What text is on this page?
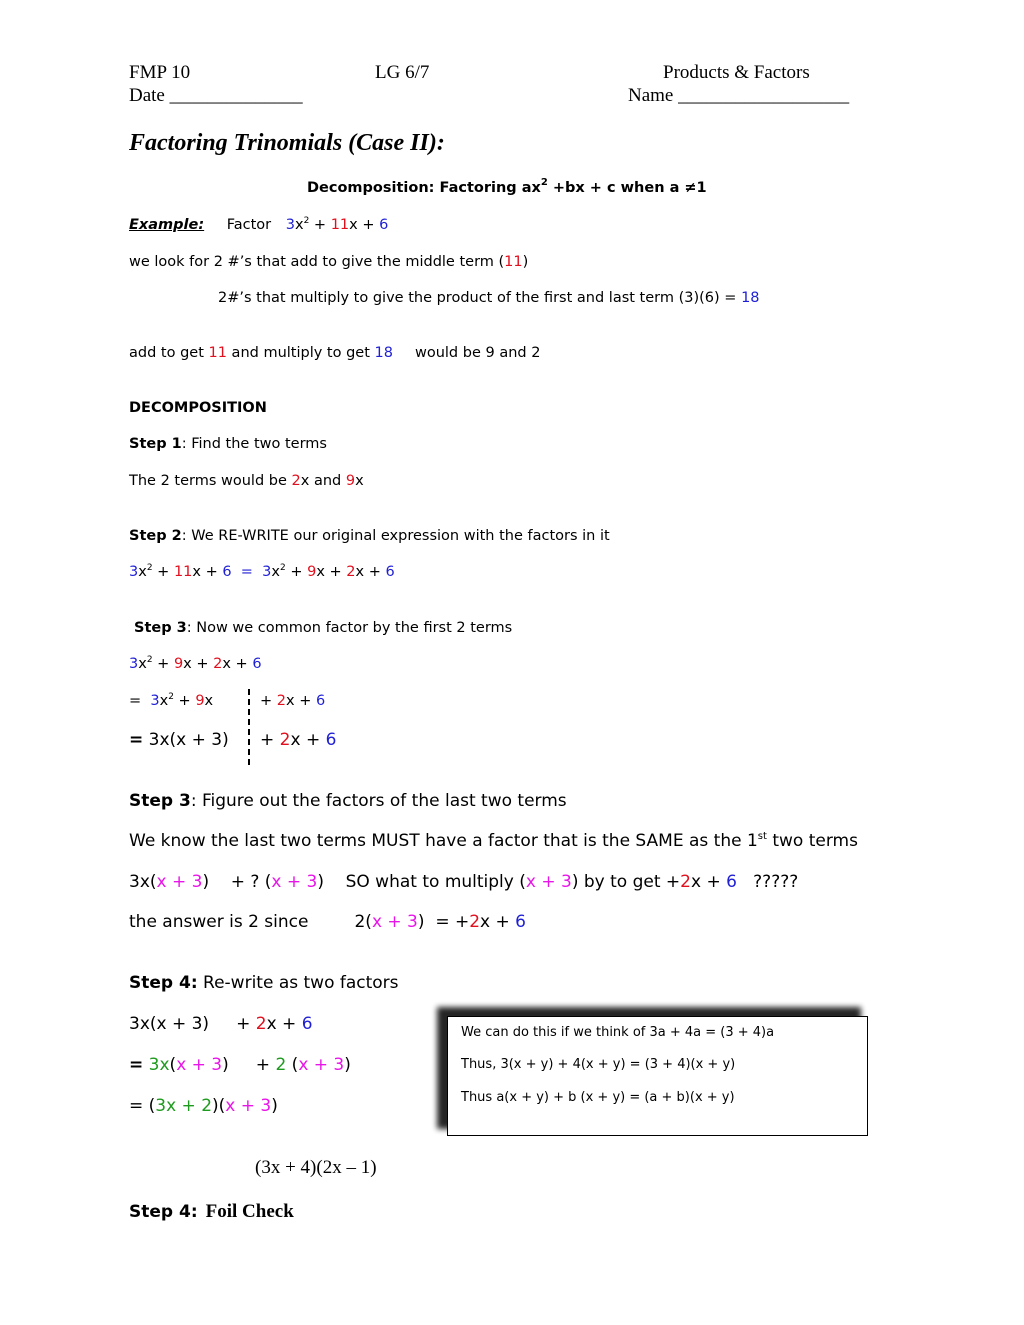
FMP 10	LG 6/7	Products & Factors
Date ______________	Name __________________
Factoring Trinomials (Case II):
Decomposition: Factoring $ax^2 +bx + c$ when a ≠1
Example: Factor $3x^2 + 11x + 6$
we look for 2 #’s that add to give the middle term (11)
2#’s that multiply to give the product of the first and last term (3)(6) = 18
add to get 11 and multiply to get 18 would be 9 and 2
DECOMPOSITION
Step 1: Find the two terms
The 2 terms would be 2x and 9x
Step 2: We RE-WRITE our original expression with the factors in it
$3x^2 + 11x + 6 = 3x^2 + 9x + 2x + 6$
Step 3: Now we common factor by the first 2 terms
$3x^2 + 9x + 2x + 6$
=  $3x^2 + 9x$	+ 2x + 6
= 3x(x + 3) + 2x + 6
Step 3: Figure out the factors of the last two terms
We know the last two terms MUST have a factor that is the SAME as the 1st two terms
3x(x + 3)    + ? (x + 3)    SO what to multiply (x + 3) by to get +2x + 6 ?????
the answer is 2 since	2(x + 3)  = +2x + 6
Step 4: Re-write as two factors
3x(x + 3)     + 2x + 6
= 3x(x + 3)     + 2 (x + 3)
= (3x + 2)(x + 3)
We can do this if we think of 3a + 4a = (3 + 4)a
Thus, 3(x + y) + 4(x + y) = (3 + 4)(x + y)
Thus a(x + y) + b (x + y) = (a + b)(x + y)
(3x + 4)(2x – 1)
Step 4: Foil Check
